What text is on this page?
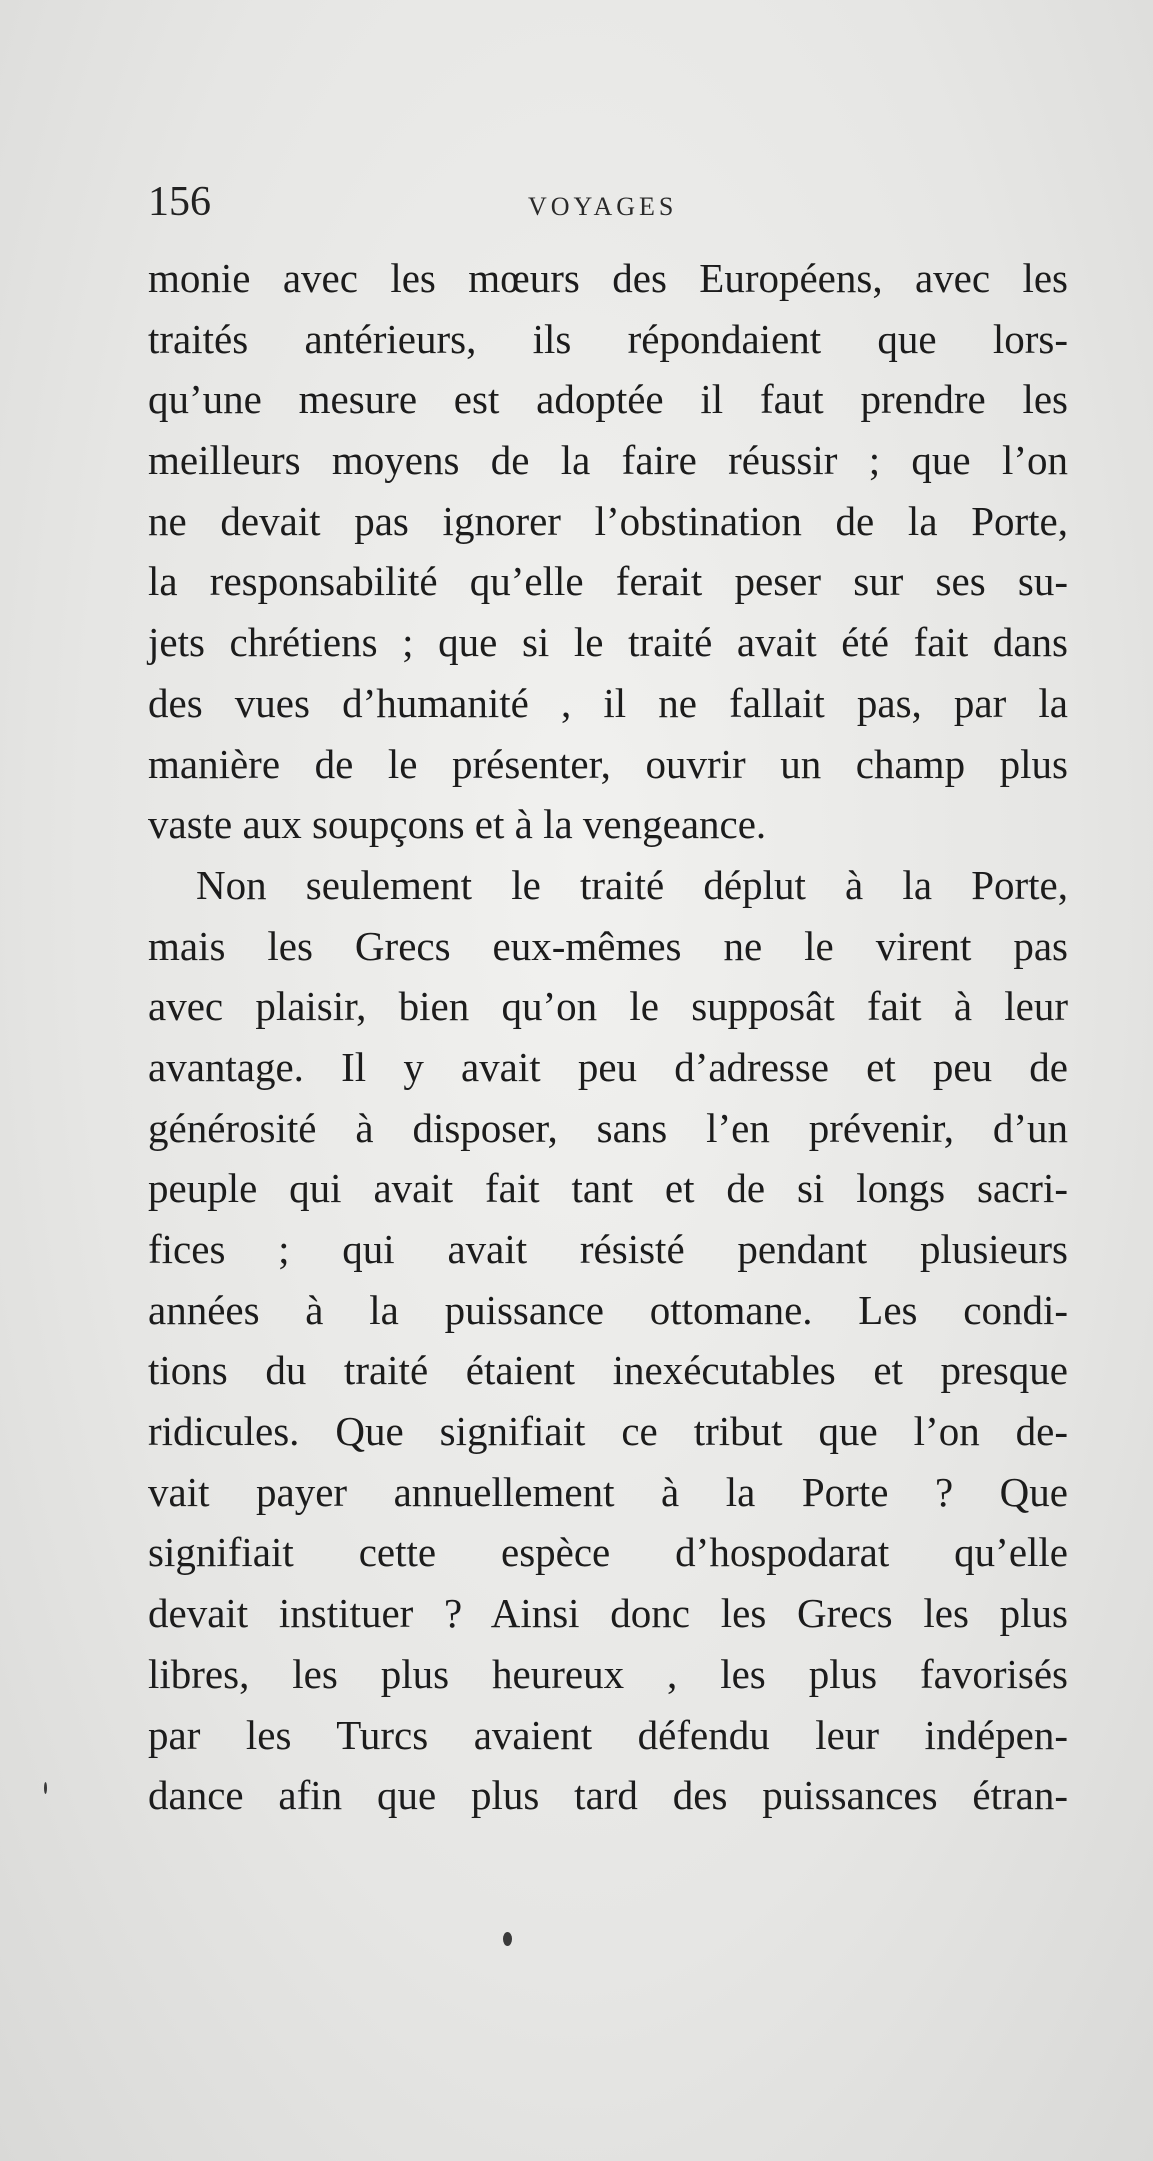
156	VOYAGES
monie avec les mœurs des Européens, avec les
traités antérieurs, ils répondaient que lors-
qu’une mesure est adoptée il faut prendre les
meilleurs moyens de la faire réussir ; que l’on
ne devait pas ignorer l’obstination de la Porte,
la responsabilité qu’elle ferait peser sur ses su-
jets chrétiens ; que si le traité avait été fait dans
des vues d’humanité , il ne fallait pas, par la
manière de le présenter, ouvrir un champ plus
vaste aux soupçons et à la vengeance.
Non seulement le traité déplut à la Porte,
mais les Grecs eux-mêmes ne le virent pas
avec plaisir, bien qu’on le supposât fait à leur
avantage. Il y avait peu d’adresse et peu de
générosité à disposer, sans l’en prévenir, d’un
peuple qui avait fait tant et de si longs sacri-
fices ; qui avait résisté pendant plusieurs
années à la puissance ottomane. Les condi-
tions du traité étaient inexécutables et presque
ridicules. Que signifiait ce tribut que l’on de-
vait payer annuellement à la Porte ? Que
signifiait cette espèce d’hospodarat qu’elle
devait instituer ? Ainsi donc les Grecs les plus
libres, les plus heureux , les plus favorisés
par les Turcs avaient défendu leur indépen-
dance afin que plus tard des puissances étran-
